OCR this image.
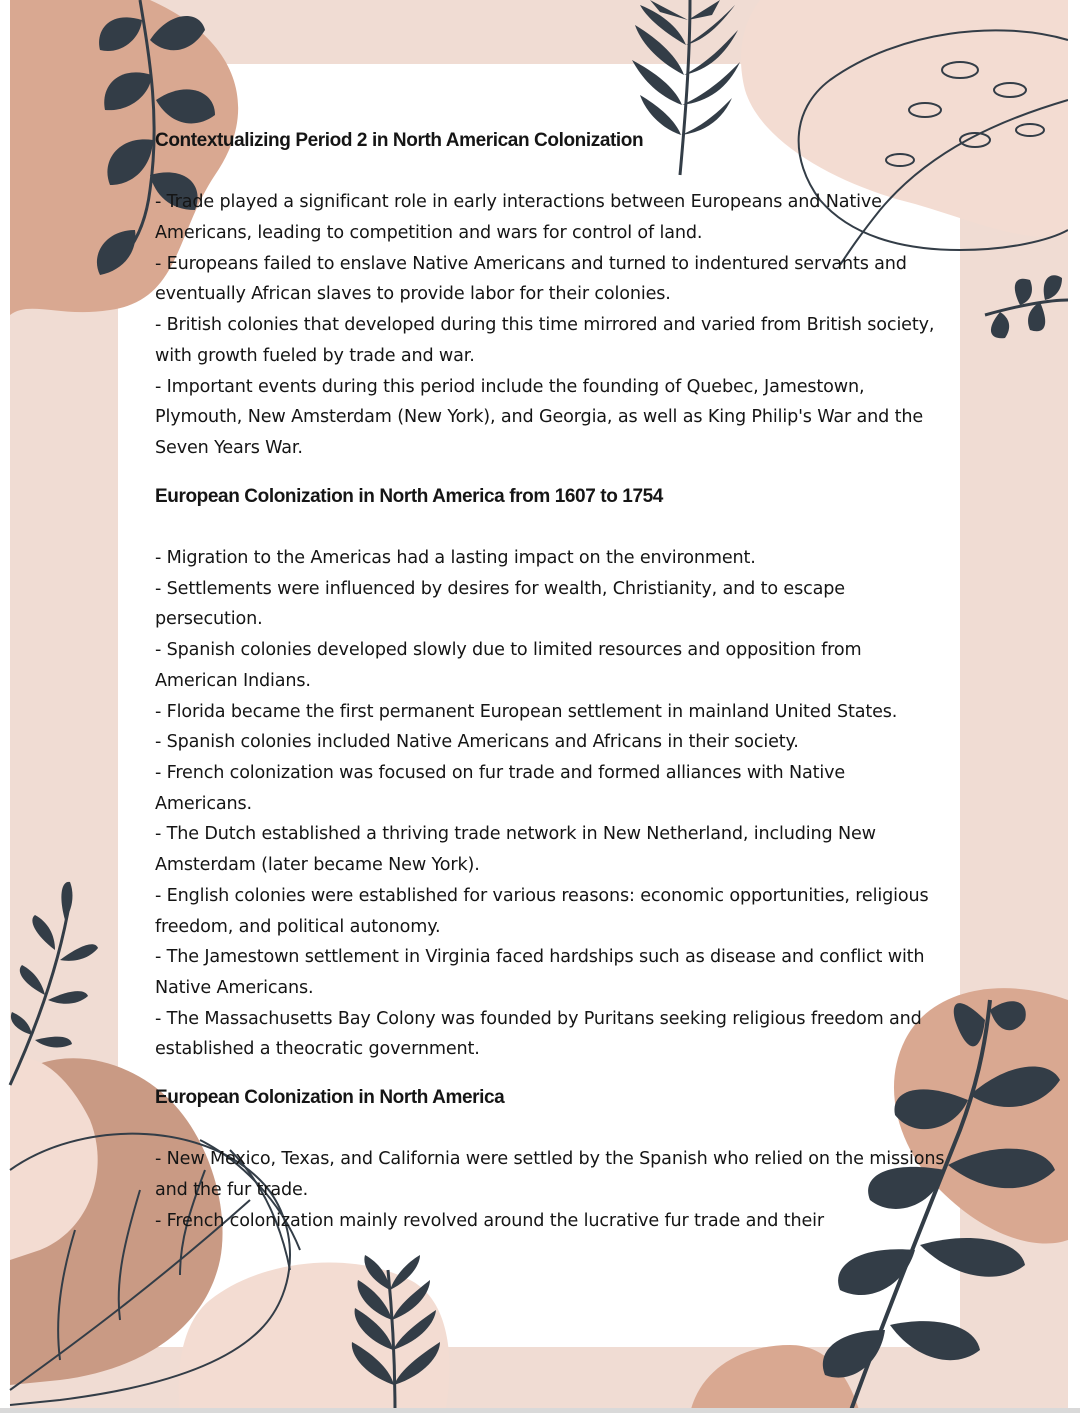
Contextualizing Period 2 in North American Colonization
- Trade played a significant role in early interactions between Europeans and Native Americans, leading to competition and wars for control of land.
- Europeans failed to enslave Native Americans and turned to indentured servants and eventually African slaves to provide labor for their colonies.
- British colonies that developed during this time mirrored and varied from British society, with growth fueled by trade and war.
- Important events during this period include the founding of Quebec, Jamestown, Plymouth, New Amsterdam (New York), and Georgia, as well as King Philip's War and the Seven Years War.
European Colonization in North America from 1607 to 1754
- Migration to the Americas had a lasting impact on the environment.
- Settlements were influenced by desires for wealth, Christianity, and to escape persecution.
- Spanish colonies developed slowly due to limited resources and opposition from American Indians.
- Florida became the first permanent European settlement in mainland United States.
- Spanish colonies included Native Americans and Africans in their society.
- French colonization was focused on fur trade and formed alliances with Native Americans.
- The Dutch established a thriving trade network in New Netherland, including New Amsterdam (later became New York).
- English colonies were established for various reasons: economic opportunities, religious freedom, and political autonomy.
- The Jamestown settlement in Virginia faced hardships such as disease and conflict with Native Americans.
- The Massachusetts Bay Colony was founded by Puritans seeking religious freedom and established a theocratic government.
European Colonization in North America
- New Mexico, Texas, and California were settled by the Spanish who relied on the missions and the fur trade.
- French colonization mainly revolved around the lucrative fur trade and their
